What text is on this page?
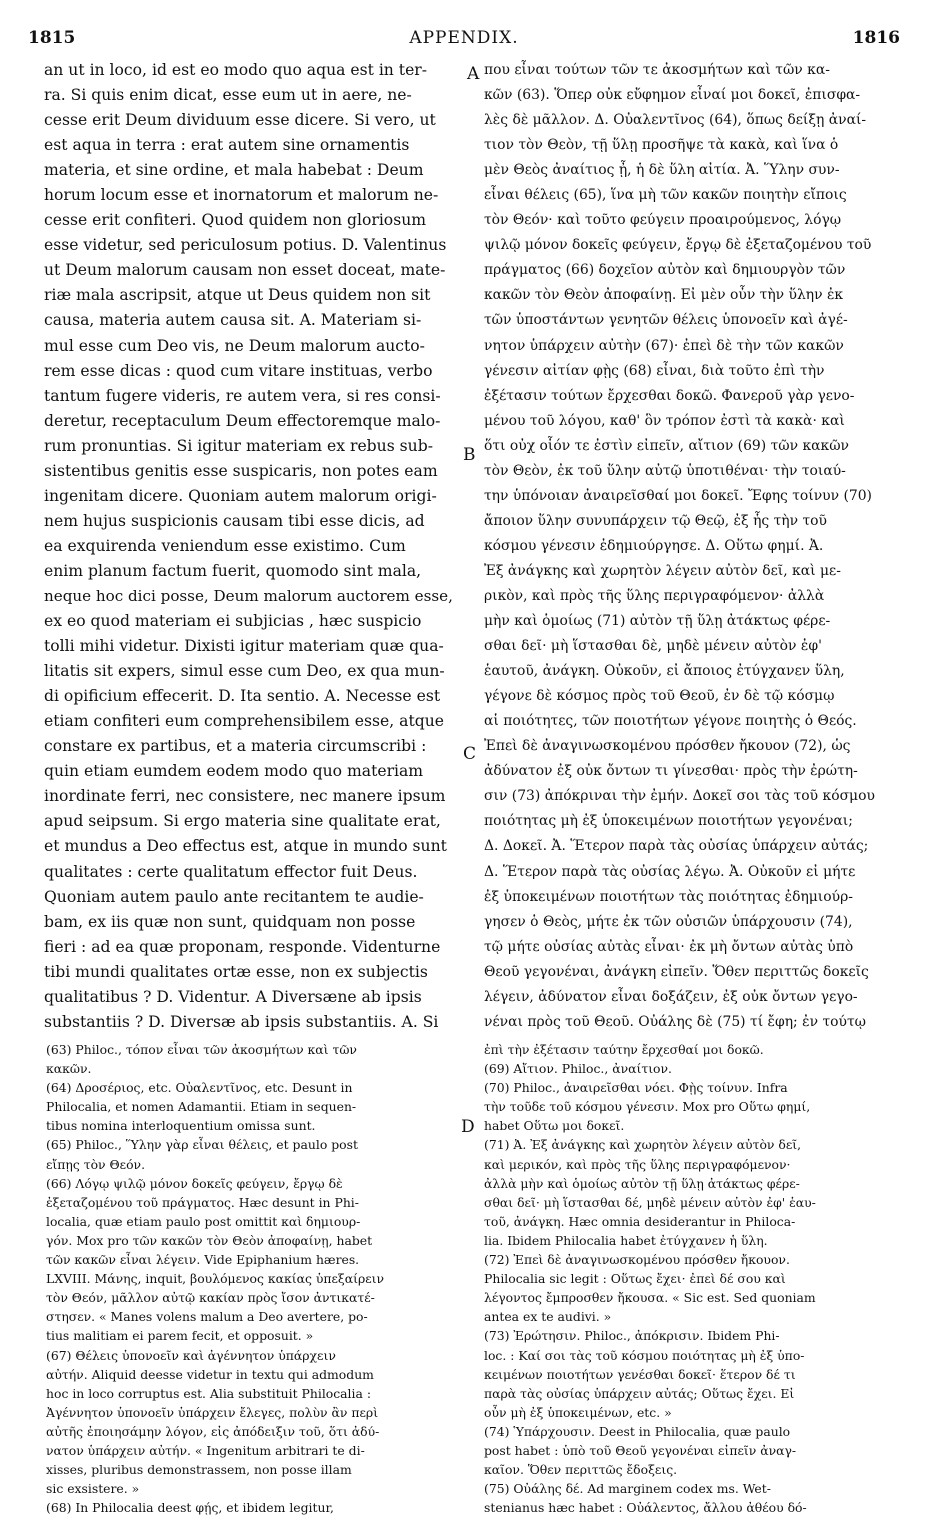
1815	APPENDIX.	1816
A
B
C
D
an ut in loco, id est eo modo quo aqua est in ter-
ra. Si quis enim dicat, esse eum ut in aere, ne-
cesse erit Deum dividuum esse dicere. Si vero, ut
est aqua in terra : erat autem sine ornamentis
materia, et sine ordine, et mala habebat : Deum
horum locum esse et inornatorum et malorum ne-
cesse erit confiteri. Quod quidem non gloriosum
esse videtur, sed periculosum potius. D. Valentinus
ut Deum malorum causam non esset doceat, mate-
riæ mala ascripsit, atque ut Deus quidem non sit
causa, materia autem causa sit. A. Materiam si-
mul esse cum Deo vis, ne Deum malorum aucto-
rem esse dicas : quod cum vitare instituas, verbo
tantum fugere videris, re autem vera, si res consi-
deretur, receptaculum Deum effectoremque malo-
rum pronuntias. Si igitur materiam ex rebus sub-
sistentibus genitis esse suspicaris, non potes eam
ingenitam dicere. Quoniam autem malorum origi-
nem hujus suspicionis causam tibi esse dicis, ad
ea exquirenda veniendum esse existimo. Cum
enim planum factum fuerit, quomodo sint mala,
neque hoc dici posse, Deum malorum auctorem esse,
ex eo quod materiam ei subjicias , hæc suspicio
tolli mihi videtur. Dixisti igitur materiam quæ qua-
litatis sit expers, simul esse cum Deo, ex qua mun-
di opificium effecerit. D. Ita sentio. A. Necesse est
etiam confiteri eum comprehensibilem esse, atque
constare ex partibus, et a materia circumscribi :
quin etiam eumdem eodem modo quo materiam
inordinate ferri, nec consistere, nec manere ipsum
apud seipsum. Si ergo materia sine qualitate erat,
et mundus a Deo effectus est, atque in mundo sunt
qualitates : certe qualitatum effector fuit Deus.
Quoniam autem paulo ante recitantem te audie-
bam, ex iis quæ non sunt, quidquam non posse
fieri : ad ea quæ proponam, responde. Videnturne
tibi mundi qualitates ortæ esse, non ex subjectis
qualitatibus ? D. Videntur. A Diversæne ab ipsis
substantiis ? D. Diversæ ab ipsis substantiis. A. Si
που εἶναι τούτων τῶν τε ἀκοσμήτων καὶ τῶν κα-
κῶν (63). Ὅπερ οὐκ εὔφημον εἶναί μοι δοκεῖ, ἐπισφα-
λὲς δὲ μᾶλλον. Δ. Οὐαλεντῖνος (64), ὅπως δείξῃ ἀναί-
τιον τὸν Θεὸν, τῇ ὕλῃ προσῆψε τὰ κακὰ, καὶ ἵνα ὁ
μὲν Θεὸς ἀναίτιος ᾖ, ἡ δὲ ὕλη αἰτία. Ἀ. Ὕλην συν-
εἶναι θέλεις (65), ἵνα μὴ τῶν κακῶν ποιητὴν εἴποις
τὸν Θεόν· καὶ τοῦτο φεύγειν προαιρούμενος, λόγῳ
ψιλῷ μόνον δοκεῖς φεύγειν, ἔργῳ δὲ ἐξεταζομένου τοῦ
πράγματος (66) δοχεῖον αὐτὸν καὶ δημιουργὸν τῶν
κακῶν τὸν Θεὸν ἀποφαίνῃ. Εἰ μὲν οὖν τὴν ὕλην ἐκ
τῶν ὑποστάντων γενητῶν θέλεις ὑπονοεῖν καὶ ἀγέ-
νητον ὑπάρχειν αὐτὴν (67)· ἐπεὶ δὲ τὴν τῶν κακῶν
γένεσιν αἰτίαν φῂς (68) εἶναι, διὰ τοῦτο ἐπὶ τὴν
ἐξέτασιν τούτων ἔρχεσθαι δοκῶ. Φανεροῦ γὰρ γενο-
μένου τοῦ λόγου, καθ' ὃν τρόπον ἐστὶ τὰ κακὰ· καὶ
ὅτι οὐχ οἷόν τε ἐστὶν εἰπεῖν, αἴτιον (69) τῶν κακῶν
τὸν Θεὸν, ἐκ τοῦ ὕλην αὐτῷ ὑποτιθέναι· τὴν τοιαύ-
την ὑπόνοιαν ἀναιρεῖσθαί μοι δοκεῖ. Ἔφης τοίνυν (70)
ἄποιον ὕλην συνυπάρχειν τῷ Θεῷ, ἐξ ἧς τὴν τοῦ
κόσμου γένεσιν ἐδημιούργησε. Δ. Οὕτω φημί. Ἀ.
Ἐξ ἀνάγκης καὶ χωρητὸν λέγειν αὐτὸν δεῖ, καὶ με-
ρικὸν, καὶ πρὸς τῆς ὕλης περιγραφόμενον· ἀλλὰ
μὴν καὶ ὁμοίως (71) αὐτὸν τῇ ὕλῃ ἀτάκτως φέρε-
σθαι δεῖ· μὴ ἵστασθαι δὲ, μηδὲ μένειν αὐτὸν ἐφ'
ἑαυτοῦ, ἀνάγκη. Οὐκοῦν, εἰ ἄποιος ἐτύγχανεν ὕλη,
γέγονε δὲ κόσμος πρὸς τοῦ Θεοῦ, ἐν δὲ τῷ κόσμῳ
αἱ ποιότητες, τῶν ποιοτήτων γέγονε ποιητὴς ὁ Θεός.
Ἐπεὶ δὲ ἀναγινωσκομένου πρόσθεν ἤκουον (72), ὡς
ἀδύνατον ἐξ οὐκ ὄντων τι γίνεσθαι· πρὸς τὴν ἐρώτη-
σιν (73) ἀπόκριναι τὴν ἐμήν. Δοκεῖ σοι τὰς τοῦ κόσμου
ποιότητας μὴ ἐξ ὑποκειμένων ποιοτήτων γεγονέναι;
Δ. Δοκεῖ. Ἀ. Ἕτερον παρὰ τὰς οὐσίας ὑπάρχειν αὐτάς;
Δ. Ἕτερον παρὰ τὰς οὐσίας λέγω. Ἀ. Οὐκοῦν εἰ μήτε
ἐξ ὑποκειμένων ποιοτήτων τὰς ποιότητας ἐδημιούρ-
γησεν ὁ Θεὸς, μήτε ἐκ τῶν οὐσιῶν ὑπάρχουσιν (74),
τῷ μήτε οὐσίας αὐτὰς εἶναι· ἐκ μὴ ὄντων αὐτὰς ὑπὸ
Θεοῦ γεγονέναι, ἀνάγκη εἰπεῖν. Ὅθεν περιττῶς δοκεῖς
λέγειν, ἀδύνατον εἶναι δοξάζειν, ἐξ οὐκ ὄντων γεγο-
νέναι πρὸς τοῦ Θεοῦ. Οὐάλης δὲ (75) τί ἔφη; ἐν τούτῳ
(63) Philoc., τόπον εἶναι τῶν ἀκοσμήτων καὶ τῶν
κακῶν.
(64) Δροσέριος, etc. Οὐαλεντῖνος, etc. Desunt in
Philocalia, et nomen Adamantii. Etiam in sequen-
tibus nomina interloquentium omissa sunt.
(65) Philoc., Ὕλην γὰρ εἶναι θέλεις, et paulo post
εἴπῃς τὸν Θεόν.
(66) Λόγῳ ψιλῷ μόνον δοκεῖς φεύγειν, ἔργῳ δὲ
ἐξεταζομένου τοῦ πράγματος. Hæc desunt in Phi-
localia, quæ etiam paulo post omittit καὶ δημιουρ-
γόν. Mox pro τῶν κακῶν τὸν Θεὸν ἀποφαίνῃ, habet
τῶν κακῶν εἶναι λέγειν. Vide Epiphanium hæres.
LXVIII. Μάνης, inquit, βουλόμενος κακίας ὑπεξαίρειν
τὸν Θεόν, μᾶλλον αὐτῷ κακίαν πρὸς ἴσον ἀντικατέ-
στησεν. « Manes volens malum a Deo avertere, po-
tius malitiam ei parem fecit, et opposuit. »
(67) Θέλεις ὑπονοεῖν καὶ ἀγέννητον ὑπάρχειν
αὐτήν. Aliquid deesse videtur in textu qui admodum
hoc in loco corruptus est. Alia substituit Philocalia :
Ἀγέννητον ὑπονοεῖν ὑπάρχειν ἔλεγες, πολὺν ἂν περὶ
αὐτῆς ἐποιησάμην λόγον, εἰς ἀπόδειξιν τοῦ, ὅτι ἀδύ-
νατον ὑπάρχειν αὐτήν. « Ingenitum arbitrari te di-
xisses, pluribus demonstrassem, non posse illam
sic exsistere. »
(68) In Philocalia deest φῄς, et ibidem legitur,
ἐπὶ τὴν ἐξέτασιν ταύτην ἔρχεσθαί μοι δοκῶ.
(69) Αἴτιον. Philoc., ἀναίτιον.
(70) Philoc., ἀναιρεῖσθαι νόει. Φῂς τοίνυν. Infra
τὴν τοῦδε τοῦ κόσμου γένεσιν. Mox pro Οὕτω φημί,
habet Οὕτω μοι δοκεῖ.
(71) Ἀ. Ἐξ ἀνάγκης καὶ χωρητὸν λέγειν αὐτὸν δεῖ,
καὶ μερικόν, καὶ πρὸς τῆς ὕλης περιγραφόμενον·
ἀλλὰ μὴν καὶ ὁμοίως αὐτὸν τῇ ὕλῃ ἀτάκτως φέρε-
σθαι δεῖ· μὴ ἵστασθαι δέ, μηδὲ μένειν αὐτὸν ἐφ' ἑαυ-
τοῦ, ἀνάγκη. Hæc omnia desiderantur in Philoca-
lia. Ibidem Philocalia habet ἐτύγχανεν ἡ ὕλη.
(72) Ἐπεὶ δὲ ἀναγινωσκομένου πρόσθεν ἤκουον.
Philocalia sic legit : Οὕτως ἔχει· ἐπεὶ δέ σου καὶ
λέγοντος ἔμπροσθεν ἤκουσα. « Sic est. Sed quoniam
antea ex te audivi. »
(73) Ἐρώτησιν. Philoc., ἀπόκρισιν. Ibidem Phi-
loc. : Καί σοι τὰς τοῦ κόσμου ποιότητας μὴ ἐξ ὑπο-
κειμένων ποιοτήτων γενέσθαι δοκεῖ· ἕτερον δέ τι
παρὰ τὰς οὐσίας ὑπάρχειν αὐτάς; Οὕτως ἔχει. Εἰ
οὖν μὴ ἐξ ὑποκειμένων, etc. »
(74) Ὑπάρχουσιν. Deest in Philocalia, quæ paulo
post habet : ὑπὸ τοῦ Θεοῦ γεγονέναι εἰπεῖν ἀναγ-
καῖον. Ὅθεν περιττῶς ἔδοξεις.
(75) Οὐάλης δέ. Ad marginem codex ms. Wet-
stenianus hæc habet : Οὐάλεντος, ἄλλου ἀθέου δό-
